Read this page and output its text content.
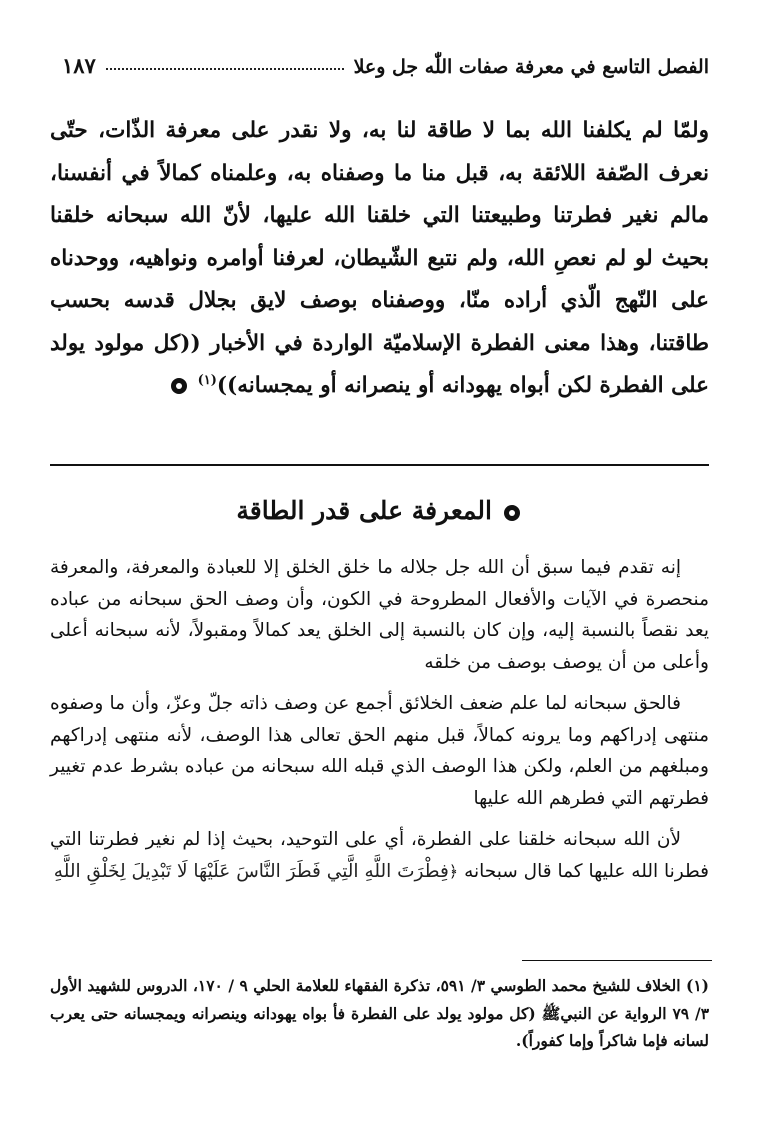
الفصل التاسع في معرفة صفات اللّٰه جل وعلا
١٨٧
ولمّا لم يكلفنا الله بما لا طاقة لنا به، ولا نقدر على معرفة الذّات، حتّى نعرف الصّفة اللائقة به، قبل منا ما وصفناه به، وعلمناه كمالاً في أنفسنا، مالم نغير فطرتنا وطبيعتنا التي خلقنا الله عليها، لأنّ الله سبحانه خلقنا بحيث لو لم نعصِ الله، ولم نتبع الشّيطان، لعرفنا أوامره ونواهيه، ووحدناه على النّهج الّذي أراده منّا، ووصفناه بوصف لايق بجلال قدسه بحسب طاقتنا، وهذا معنى الفطرة الإسلاميّة الواردة في الأخبار ((كل مولود يولد على الفطرة لكن أبواه يهودانه أو ينصرانه أو يمجسانه))$^{(١)}$
المعرفة على قدر الطاقة

إنه تقدم فيما سبق أن الله جل جلاله ما خلق الخلق إلا للعبادة والمعرفة، والمعرفة منحصرة في الآيات والأفعال المطروحة في الكون، وأن وصف الحق سبحانه من عباده يعد نقصاً بالنسبة إليه، وإن كان بالنسبة إلى الخلق يعد كمالاً ومقبولاً، لأنه سبحانه أعلى وأعلى من أن يوصف بوصف من خلقه

فالحق سبحانه لما علم ضعف الخلائق أجمع عن وصف ذاته جلّ وعزّ، وأن ما وصفوه منتهى إدراكهم وما يرونه كمالاً، قبل منهم الحق تعالى هذا الوصف، لأنه منتهى إدراكهم ومبلغهم من العلم، ولكن هذا الوصف الذي قبله الله سبحانه من عباده بشرط عدم تغيير فطرتهم التي فطرهم الله عليها

لأن الله سبحانه خلقنا على الفطرة، أي على التوحيد، بحيث إذا لم نغير فطرتنا التي فطرنا الله عليها كما قال سبحانه ﴿فِطْرَتَ اللَّهِ الَّتِي فَطَرَ النَّاسَ عَلَيْهَا لَا تَبْدِيلَ لِخَلْقِ اللَّهِ

(١) الخلاف للشيخ محمد الطوسي ٣/ ٥٩١، تذكرة الفقهاء للعلامة الحلي ٩ / ١٧٠، الدروس للشهيد الأول ٣/ ٧٩ الرواية عن النبيﷺ (كل مولود يولد على الفطرة فأ بواه يهودانه وينصرانه ويمجسانه حتى يعرب لسانه فإما شاكراً وإما كفوراً).
